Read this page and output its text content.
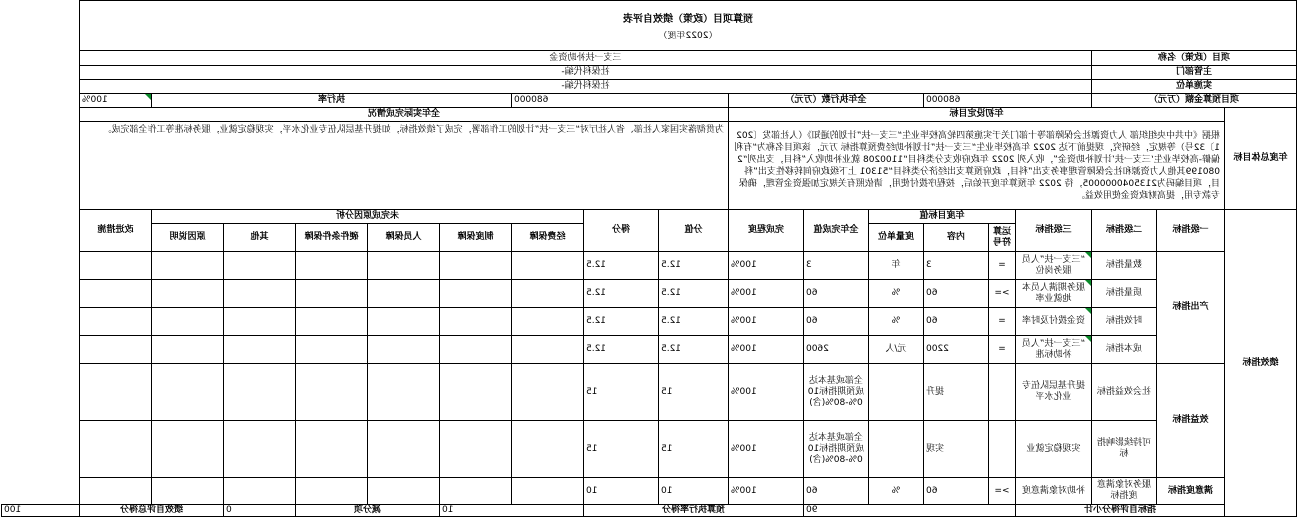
预算项目（政策）绩效自评表																		
（2022年度）																		
项目（政策）名称			三支一扶补助资金															
主管部门			社保科代编-															
实施单位			社保科代编-															
项目预算金额（万元）			680000			全年执行数（万元）			680000			执行率					100%	
年度总体目标	年初设定目标								全年实际完成情况									
	根据《中共中央组织部 人力资源社会保障部等十部门关于实施第四轮高校毕业生“三支一扶”计划的通知》（人社部发〔2021〕32号）等规定，经研究，现提前下达 2022 年高校毕业生“三支一扶”计划补助经费预算指标 万元，该项目名称为“有利偏僻-高校毕业生‘三支一扶’计划补助资金”，收入列 2022 年政府收支分类科目“1100208 就业补助收入”科目，支出列“2080199其他人力资源和社会保障管理事务支出”科目，政府预算支出经济分类科目“51301 上下级政府间转移性支出”科目，项目编码为2135040000005，待 2022 年预算年度开始后，按程序拨付使用，请依照有关规定加强资金管理，确保专款专用，提高财政资金使用效益。								为贯彻落实国家人社部、省人社厅对“三支一扶”计划的工作部署，完成了绩效指标，如提升基层队伍专业化水平，实现稳定就业，服务标准等工作全部完成。									
绩效指标	一级指标	二级指标	三级指标	年度目标值			全年完成值	完成程度	分值	得分	未完成原因分析						改进措施	
				运算符号	内容	度量单位					经费保障	制度保障	人员保障	硬件条件保障	其他	原因说明		
	产出指标	数量指标	“三支一扶”人员服务岗位	=	3	年	3	100%	12.5	12.5								
		质量指标	服务期满人员本地就业率	>=	60	%	60	100%	12.5	12.5								
		时效指标	资金拨付及时率	=	60	%	60	100%	12.5	12.5								
		成本指标	“三支一扶”人员补助标准	=	2200	元/人	2600	100%	12.5	12.5								
	效益指标	社会效益指标	提升基层队伍专业化水平		提升		全部或基本达成预期指标100%-80%(含)	100%	15	15								
		可持续影响指标	实现稳定就业		实现		全部或基本达成预期指标100%-80%(含)	100%	15	15								
	满意度指标	服务对象满意度指标	补助对象满意度	>=	60	%	60	100%	10	10								
	指标自评得分小计			90				预算执行率得分			10		减分项		0	绩效自评总得分		100
